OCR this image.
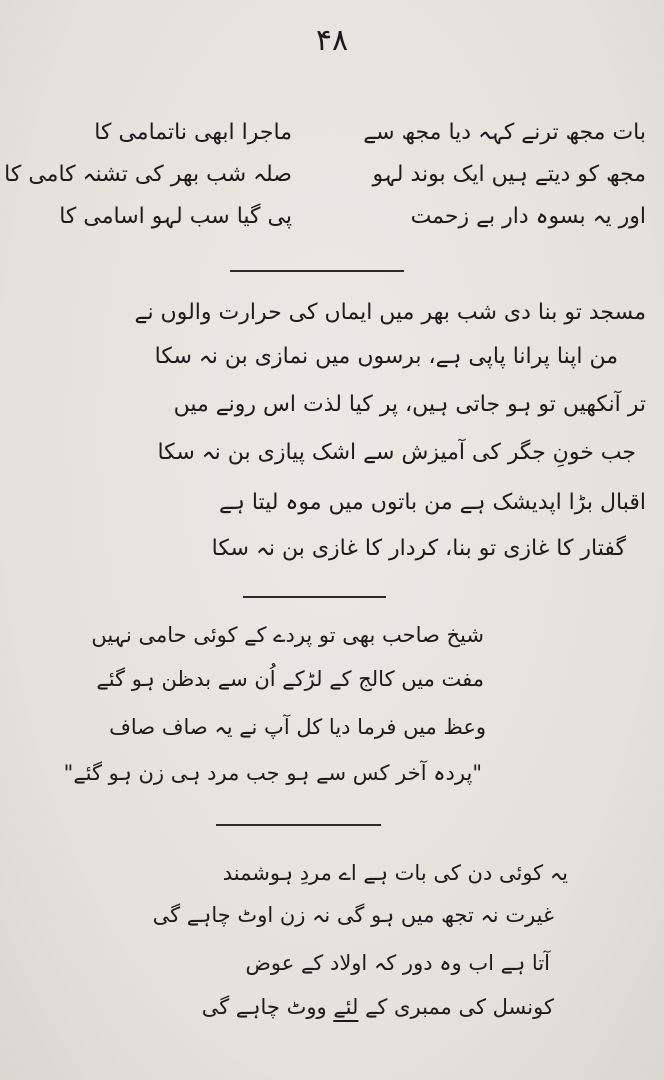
۴۸
بات مجھ ترنے کہہ دیا مجھ سے
مجھ کو دیتے ہیں ایک بوند لہو
اور یہ بسوہ دار بے زحمت
ماجرا ابھی ناتمامی کا
صلہ شب بھر کی تشنہ کامی کا
پی گیا سب لہو اسامی کا
مسجد تو بنا دی شب بھر میں ایماں کی حرارت والوں نے
من اپنا پرانا پاپی ہے، برسوں میں نمازی بن نہ سکا
تر آنکھیں تو ہو جاتی ہیں، پر کیا لذت اس رونے میں
جب خونِ جگر کی آمیزش سے اشک پیازی بن نہ سکا
اقبال بڑا اپدیشک ہے من باتوں میں موہ لیتا ہے
گفتار کا غازی تو بنا، کردار کا غازی بن نہ سکا
شیخ صاحب بھی تو پردے کے کوئی حامی نہیں
مفت میں کالج کے لڑکے اُن سے بدظن ہو گئے
وعظ میں فرما دیا کل آپ نے یہ صاف صاف
"پردہ آخر کس سے ہو جب مرد ہی زن ہو گئے"
یہ کوئی دن کی بات ہے اے مردِ ہوشمند
غیرت نہ تجھ میں ہو گی نہ زن اوٹ چاہے گی
آتا ہے اب وہ دور کہ اولاد کے عوض
کونسل کی ممبری کے لئے ووٹ چاہے گی
